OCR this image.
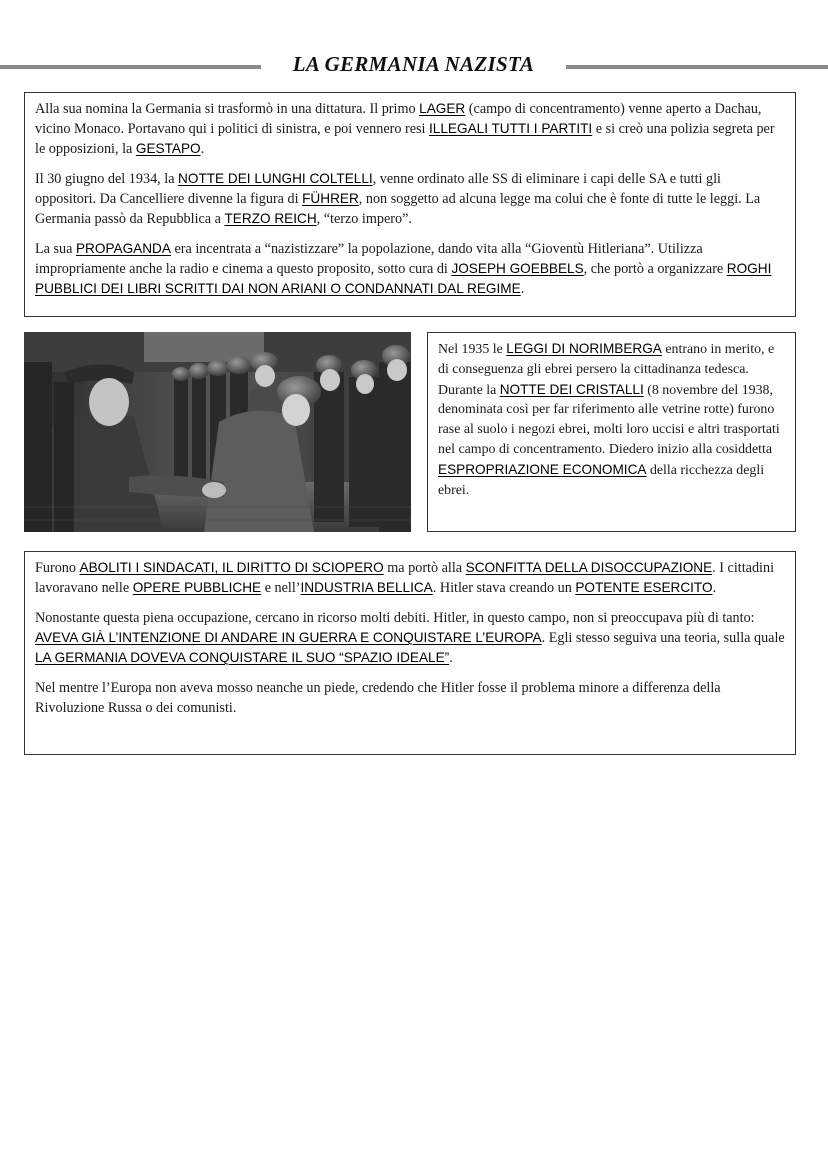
LA GERMANIA NAZISTA

Alla sua nomina la Germania si trasformò in una dittatura. Il primo LAGER (campo di concentramento) venne aperto a Dachau, vicino Monaco. Portavano qui i politici di sinistra, e poi vennero resi ILLEGALI TUTTI I PARTITI e si creò una polizia segreta per le opposizioni, la GESTAPO.

Il 30 giugno del 1934, la NOTTE DEI LUNGHI COLTELLI, venne ordinato alle SS di eliminare i capi delle SA e tutti gli oppositori. Da Cancelliere divenne la figura di FÜHRER, non soggetto ad alcuna legge ma colui che è fonte di tutte le leggi. La Germania passò da Repubblica a TERZO REICH, “terzo impero”.

La sua PROPAGANDA era incentrata a “nazistizzare” la popolazione, dando vita alla “Gioventù Hitleriana”. Utilizza impropriamente anche la radio e cinema a questo proposito, sotto cura di JOSEPH GOEBBELS, che portò a organizzare ROGHI PUBBLICI DEI LIBRI SCRITTI DAI NON ARIANI O CONDANNATI DAL REGIME.

Nel 1935 le LEGGI DI NORIMBERGA entrano in merito, e di conseguenza gli ebrei persero la cittadinanza tedesca. Durante la NOTTE DEI CRISTALLI (8 novembre del 1938, denominata così per far riferimento alle vetrine rotte) furono rase al suolo i negozi ebrei, molti loro uccisi e altri trasportati nel campo di concentramento. Diedero inizio alla cosiddetta ESPROPRIAZIONE ECONOMICA della ricchezza degli ebrei.

Furono ABOLITI I SINDACATI, IL DIRITTO DI SCIOPERO ma portò alla SCONFITTA DELLA DISOCCUPAZIONE. I cittadini lavoravano nelle OPERE PUBBLICHE e nell’INDUSTRIA BELLICA. Hitler stava creando un POTENTE ESERCITO.

Nonostante questa piena occupazione, cercano in ricorso molti debiti. Hitler, in questo campo, non si preoccupava più di tanto: AVEVA GIÀ L’INTENZIONE DI ANDARE IN GUERRA E CONQUISTARE L’EUROPA. Egli stesso seguiva una teoria, sulla quale LA GERMANIA DOVEVA CONQUISTARE IL SUO “SPAZIO IDEALE”.

Nel mentre l’Europa non aveva mosso neanche un piede, credendo che Hitler fosse il problema minore a differenza della Rivoluzione Russa o dei comunisti.
